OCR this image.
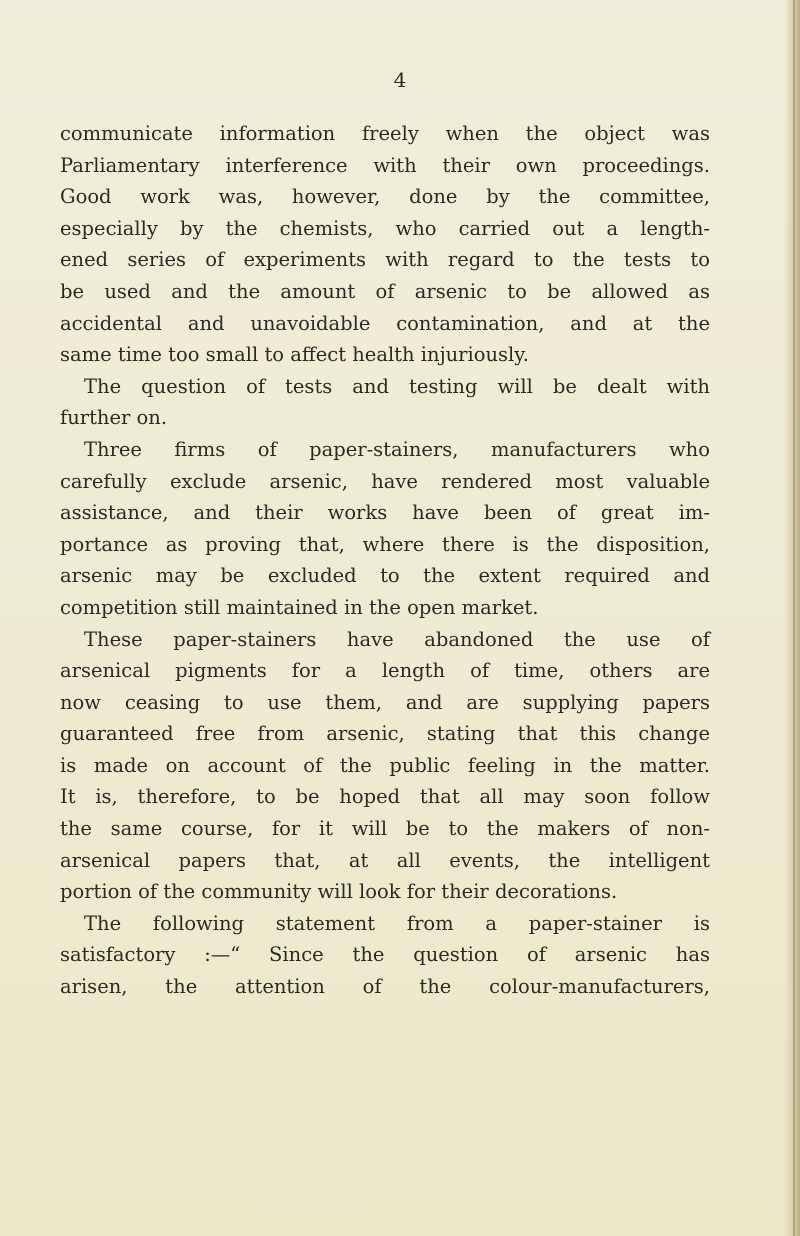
4
communicate information freely when the object was
Parliamentary interference with their own proceedings.
Good work was, however, done by the committee,
especially by the chemists, who carried out a length-
ened series of experiments with regard to the tests to
be used and the amount of arsenic to be allowed as
accidental and unavoidable contamination, and at the
same time too small to affect health injuriously.
The question of tests and testing will be dealt with
further on.
Three firms of paper-stainers, manufacturers who
carefully exclude arsenic, have rendered most valuable
assistance, and their works have been of great im-
portance as proving that, where there is the disposition,
arsenic may be excluded to the extent required and
competition still maintained in the open market.
These paper-stainers have abandoned the use of
arsenical pigments for a length of time, others are
now ceasing to use them, and are supplying papers
guaranteed free from arsenic, stating that this change
is made on account of the public feeling in the matter.
It is, therefore, to be hoped that all may soon follow
the same course, for it will be to the makers of non-
arsenical papers that, at all events, the intelligent
portion of the community will look for their decorations.
The following statement from a paper-stainer is
satisfactory :—“ Since the question of arsenic has
arisen, the attention of the colour-manufacturers,
